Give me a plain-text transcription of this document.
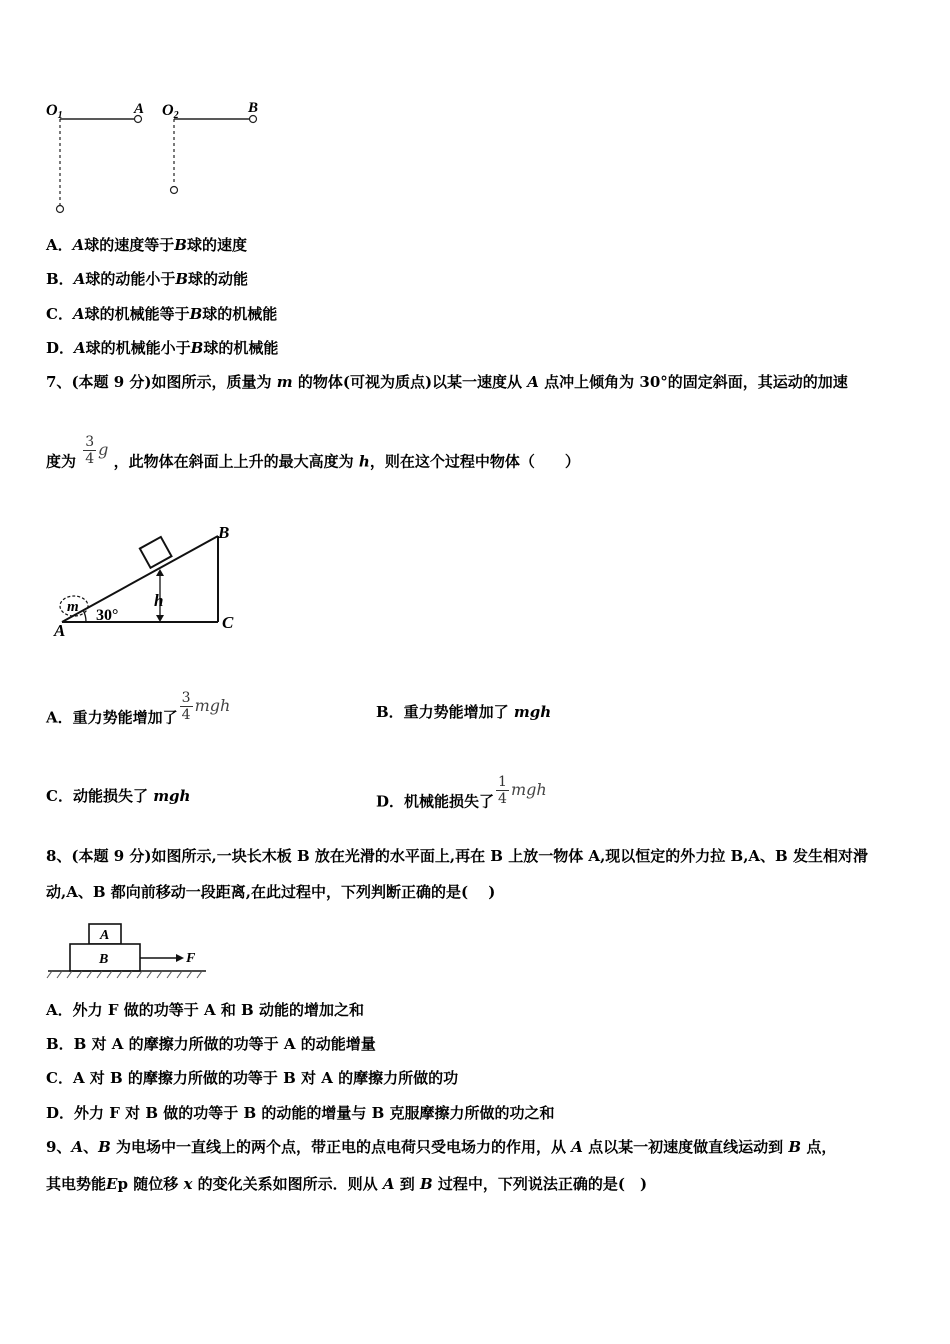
O1	A O2	B
A．A球的速度等于B球的速度
B．A球的动能小于B球的动能
C．A球的机械能等于B球的机械能
D．A球的机械能小于B球的机械能
7、(本题 9 分)如图所示，质量为 m 的物体(可视为质点)以某一速度从 A 点冲上倾角为 30°的固定斜面，其运动的加速
度为 $\frac{3}{4}$ g ，此物体在斜面上上升的最大高度为 h，则在这个过程中物体（　　）
h
30°
m
A
B
C
A．重力势能增加了 $\frac{3}{4}$ mgh	B．重力势能增加了 mgh
C．动能损失了 mgh	D．机械能损失了 $\frac{1}{4}$ mgh
8、(本题 9 分)如图所示,一块长木板 B 放在光滑的水平面上,再在 B 上放一物体 A,现以恒定的外力拉 B,A、B 发生相对滑
动,A、B 都向前移动一段距离,在此过程中，下列判断正确的是(　 )
A
B	F
A．外力 F 做的功等于 A 和 B 动能的增加之和
B．B 对 A 的摩擦力所做的功等于 A 的动能增量
C．A 对 B 的摩擦力所做的功等于 B 对 A 的摩擦力所做的功
D．外力 F 对 B 做的功等于 B 的动能的增量与 B 克服摩擦力所做的功之和
9、A、B 为电场中一直线上的两个点，带正电的点电荷只受电场力的作用，从 A 点以某一初速度做直线运动到 B 点，
其电势能Ep 随位移 x 的变化关系如图所示．则从 A 到 B 过程中，下列说法正确的是(　)
